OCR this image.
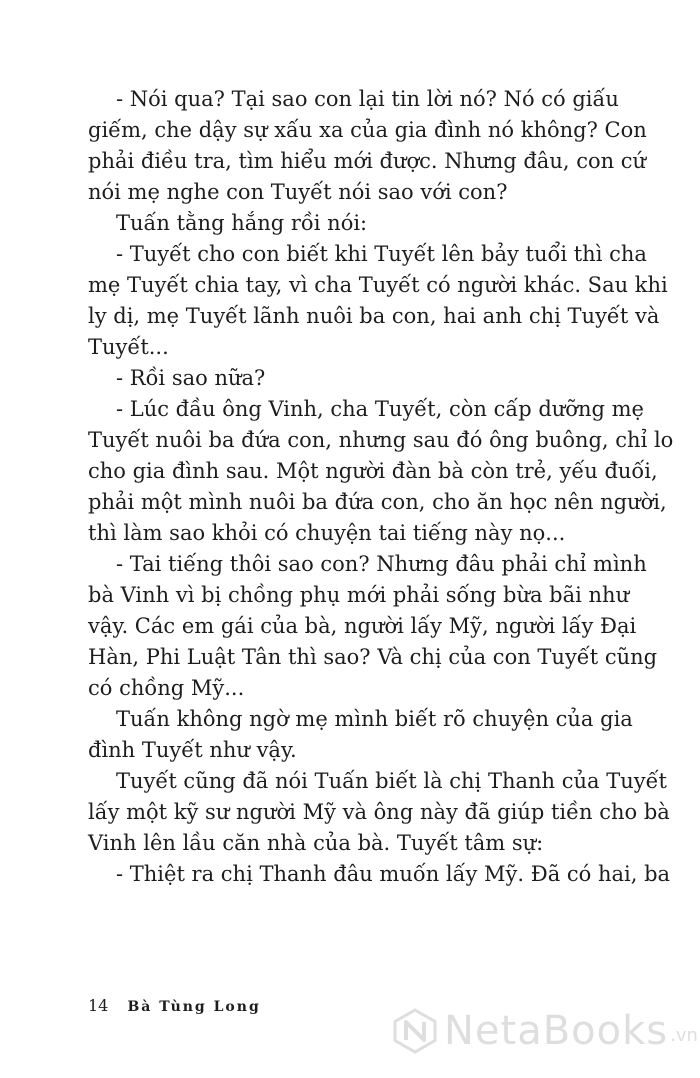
- Nói qua? Tại sao con lại tin lời nó? Nó có giấu

giếm, che dậy sự xấu xa của gia đình nó không? Con

phải điều tra, tìm hiểu mới được. Nhưng đâu, con cứ

nói mẹ nghe con Tuyết nói sao với con?

Tuấn tằng hắng rồi nói:

- Tuyết cho con biết khi Tuyết lên bảy tuổi thì cha

mẹ Tuyết chia tay, vì cha Tuyết có người khác. Sau khi

ly dị, mẹ Tuyết lãnh nuôi ba con, hai anh chị Tuyết và

Tuyết...

- Rồi sao nữa?

- Lúc đầu ông Vinh, cha Tuyết, còn cấp dưỡng mẹ

Tuyết nuôi ba đứa con, nhưng sau đó ông buông, chỉ lo

cho gia đình sau. Một người đàn bà còn trẻ, yếu đuối,

phải một mình nuôi ba đứa con, cho ăn học nên người,

thì làm sao khỏi có chuyện tai tiếng này nọ...

- Tai tiếng thôi sao con? Nhưng đâu phải chỉ mình

bà Vinh vì bị chồng phụ mới phải sống bừa bãi như

vậy. Các em gái của bà, người lấy Mỹ, người lấy Đại

Hàn, Phi Luật Tân thì sao? Và chị của con Tuyết cũng

có chồng Mỹ...

Tuấn không ngờ mẹ mình biết rõ chuyện của gia

đình Tuyết như vậy.

Tuyết cũng đã nói Tuấn biết là chị Thanh của Tuyết

lấy một kỹ sư người Mỹ và ông này đã giúp tiền cho bà

Vinh lên lầu căn nhà của bà. Tuyết tâm sự:

- Thiệt ra chị Thanh đâu muốn lấy Mỹ. Đã có hai, ba

14 Bà Tùng Long
NetaBooks .vn
